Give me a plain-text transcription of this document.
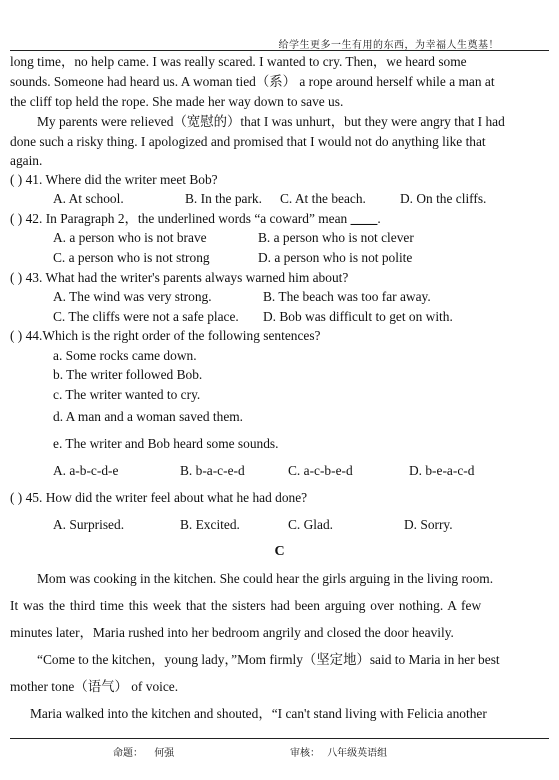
给学生更多一生有用的东西，为幸福人生奠基！
long time，no help came. I was really scared. I wanted to cry. Then，we heard some
sounds. Someone had heard us. A woman tied（系） a rope around herself while a man at
the cliff top held the rope. She made her way down to save us.
My parents were relieved（宽慰的）that I was unhurt，but they were angry that I had
done such a risky thing. I apologized and promised that I would not do anything like that
again.
( ) 41. Where did the writer meet Bob?
A. At school.	B. In the park. C. At the beach.	D. On the cliffs.
( ) 42. In Paragraph 2，the underlined words “a coward” mean ____.
A. a person who is not brave	B. a person who is not clever
C. a person who is not strong	D. a person who is not polite
( ) 43. What had the writer's parents always warned him about?
A. The wind was very strong.	B. The beach was too far away.
C. The cliffs were not a safe place. D. Bob was difficult to get on with.
( ) 44.Which is the right order of the following sentences?
a. Some rocks came down.
b. The writer followed Bob.
c. The writer wanted to cry.
d. A man and a woman saved them.
e. The writer and Bob heard some sounds.
A. a-b-c-d-e	B. b-a-c-e-d	C. a-c-b-e-d	D. b-e-a-c-d
( ) 45. How did the writer feel about what he had done?
A. Surprised.	B. Excited.	C. Glad.	D. Sorry.
C
Mom was cooking in the kitchen. She could hear the girls arguing in the living room.
It was the third time this week that the sisters had been arguing over nothing. A few
minutes later，Maria rushed into her bedroom angrily and closed the door heavily.
“Come to the kitchen，young lady，”Mom firmly（坚定地）said to Maria in her best
mother tone（语气） of voice.
Maria walked into the kitchen and shouted，“I can't stand living with Felicia another
命题： 何强	审核： 八年级英语组
